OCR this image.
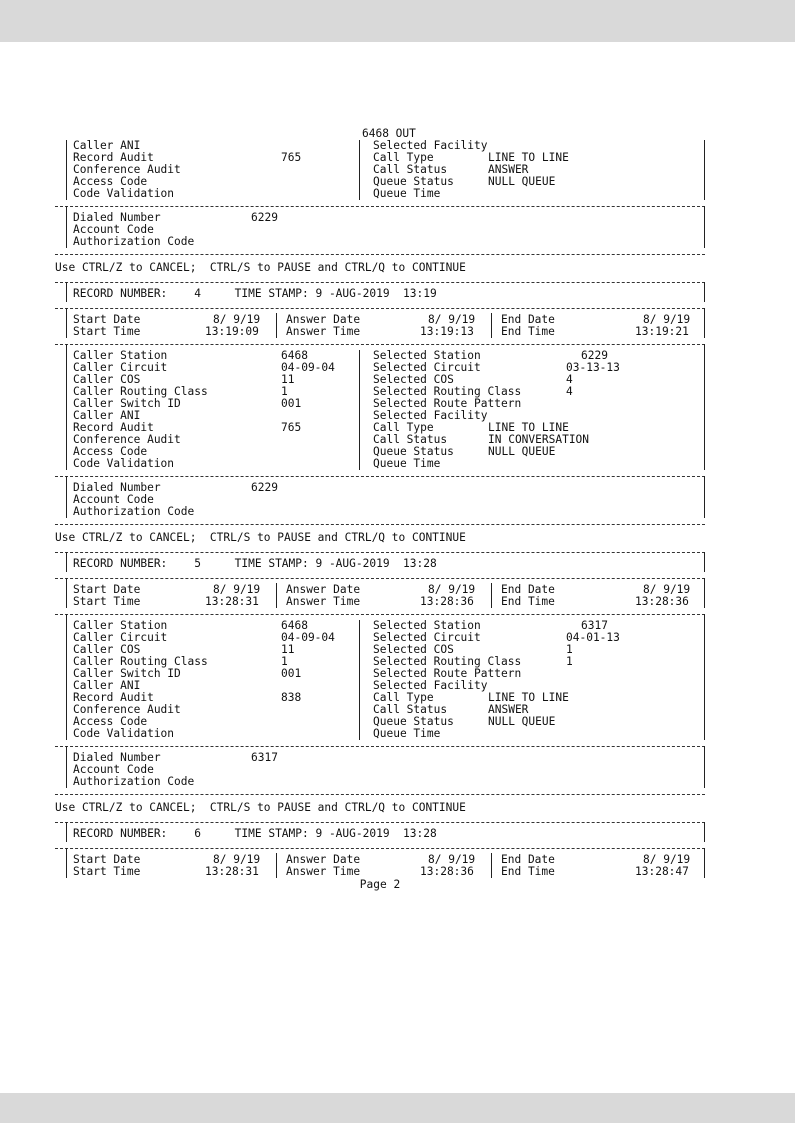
6468 OUT
Caller ANI	Selected Facility
Record Audit	765	Call Type	LINE TO LINE
Conference Audit	Call Status	ANSWER
Access Code	Queue Status	NULL QUEUE
Code Validation	Queue Time
Dialed Number	6229
Account Code
Authorization Code
Use CTRL/Z to CANCEL;  CTRL/S to PAUSE and CTRL/Q to CONTINUE
RECORD NUMBER:    4     TIME STAMP: 9 -AUG-2019  13:19
Start Date	8/ 9/19 Answer Date	8/ 9/19 End Date	8/ 9/19
Start Time	13:19:09 Answer Time	13:19:13 End Time	13:19:21
Caller Station	6468	Selected Station	6229
Caller Circuit	04-09-04	Selected Circuit	03-13-13
Caller COS	11	Selected COS	4
Caller Routing Class	1	Selected Routing Class	4
Caller Switch ID	001	Selected Route Pattern
Caller ANI	Selected Facility
Record Audit	765	Call Type	LINE TO LINE
Conference Audit	Call Status	IN CONVERSATION
Access Code	Queue Status	NULL QUEUE
Code Validation	Queue Time
Dialed Number	6229
Account Code
Authorization Code
Use CTRL/Z to CANCEL;  CTRL/S to PAUSE and CTRL/Q to CONTINUE
RECORD NUMBER:    5     TIME STAMP: 9 -AUG-2019  13:28
Start Date	8/ 9/19 Answer Date	8/ 9/19 End Date	8/ 9/19
Start Time	13:28:31 Answer Time	13:28:36 End Time	13:28:36
Caller Station	6468	Selected Station	6317
Caller Circuit	04-09-04	Selected Circuit	04-01-13
Caller COS	11	Selected COS	1
Caller Routing Class	1	Selected Routing Class	1
Caller Switch ID	001	Selected Route Pattern
Caller ANI	Selected Facility
Record Audit	838	Call Type	LINE TO LINE
Conference Audit	Call Status	ANSWER
Access Code	Queue Status	NULL QUEUE
Code Validation	Queue Time
Dialed Number	6317
Account Code
Authorization Code
Use CTRL/Z to CANCEL;  CTRL/S to PAUSE and CTRL/Q to CONTINUE
RECORD NUMBER:    6     TIME STAMP: 9 -AUG-2019  13:28
Start Date	8/ 9/19 Answer Date	8/ 9/19 End Date	8/ 9/19
Start Time	13:28:31 Answer Time	13:28:36 End Time	13:28:47
Page 2
